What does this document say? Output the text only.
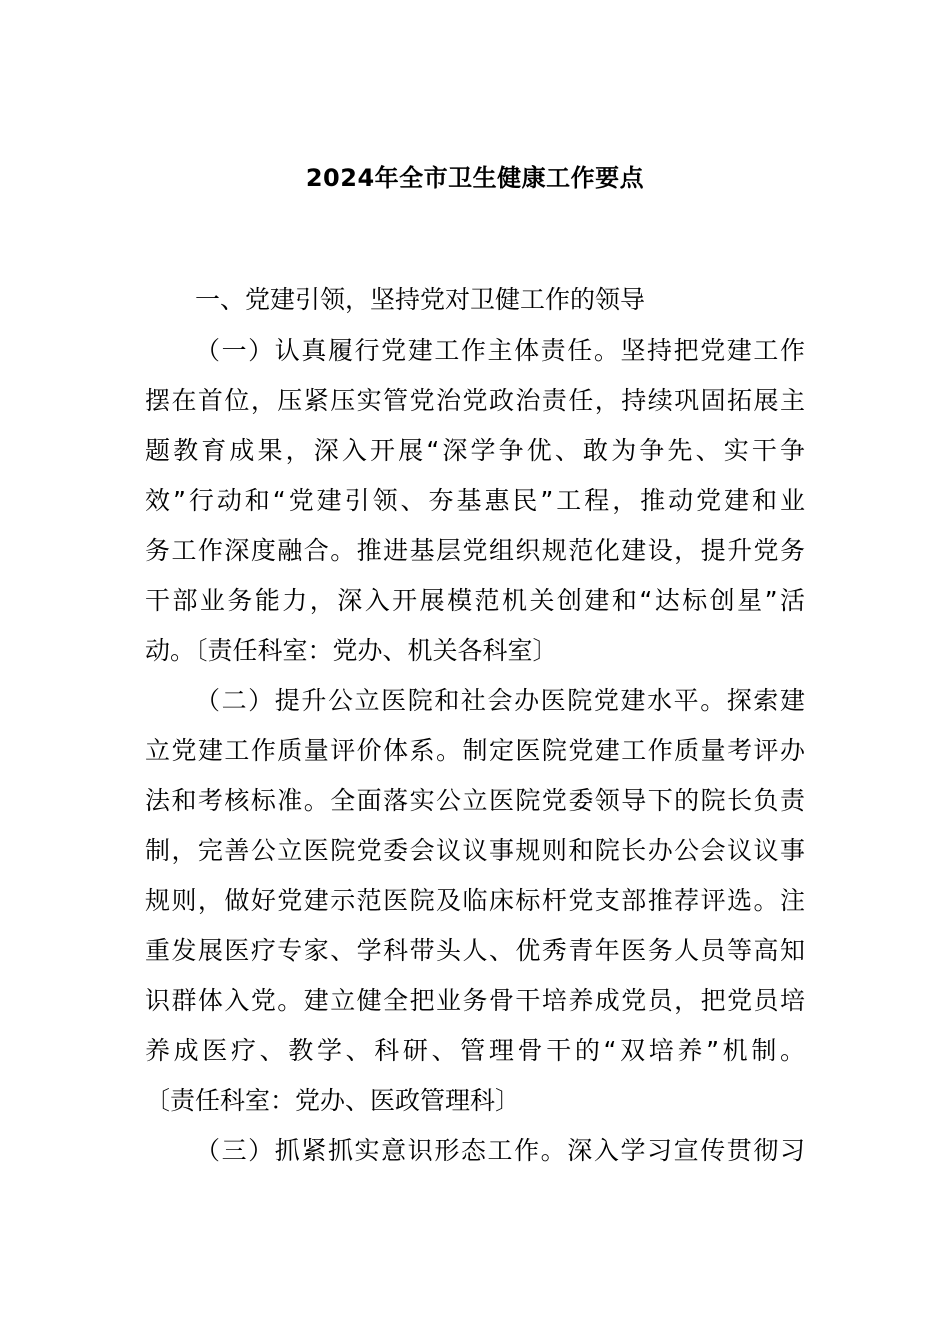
2024年全市卫生健康工作要点
一、党建引领，坚持党对卫健工作的领导
（一）认真履行党建工作主体责任。坚持把党建工作
摆在首位，压紧压实管党治党政治责任，持续巩固拓展主
题教育成果，深入开展“深学争优、敢为争先、实干争
效”行动和“党建引领、夯基惠民”工程，推动党建和业
务工作深度融合。推进基层党组织规范化建设，提升党务
干部业务能力，深入开展模范机关创建和“达标创星”活
动。〔责任科室：党办、机关各科室〕
（二）提升公立医院和社会办医院党建水平。探索建
立党建工作质量评价体系。制定医院党建工作质量考评办
法和考核标准。全面落实公立医院党委领导下的院长负责
制，完善公立医院党委会议议事规则和院长办公会议议事
规则，做好党建示范医院及临床标杆党支部推荐评选。注
重发展医疗专家、学科带头人、优秀青年医务人员等高知
识群体入党。建立健全把业务骨干培养成党员，把党员培
养成医疗、教学、科研、管理骨干的“双培养”机制。
〔责任科室：党办、医政管理科〕
（三）抓紧抓实意识形态工作。深入学习宣传贯彻习
